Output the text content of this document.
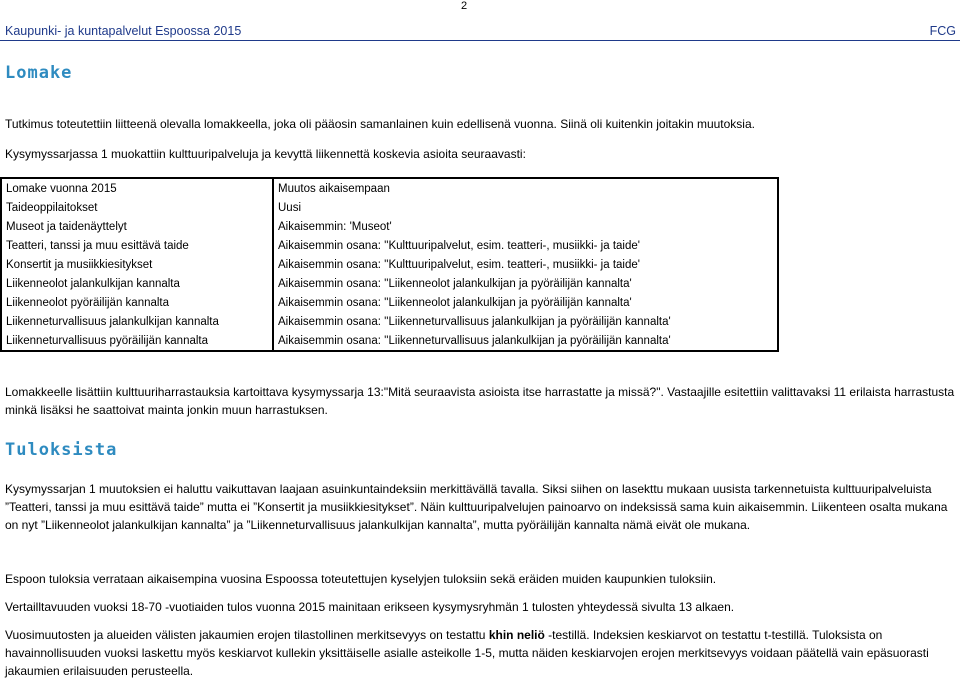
2
Kaupunki- ja kuntapalvelut Espoossa 2015	FCG
Lomake
Tutkimus toteutettiin liitteenä olevalla lomakkeella, joka oli pääosin samanlainen kuin edellisenä vuonna. Siinä oli kuitenkin joitakin muutoksia.
Kysymyssarjassa 1 muokattiin kulttuuripalveluja ja kevyttä liikennettä koskevia asioita seuraavasti:
Lomake vuonna 2015	Muutos aikaisempaan
Taideoppilaitokset	Uusi
Museot ja taidenäyttelyt	Aikaisemmin: 'Museot'
Teatteri, tanssi ja muu esittävä taide	Aikaisemmin osana: ''Kulttuuripalvelut, esim. teatteri-, musiikki- ja taide'
Konsertit ja musiikkiesitykset	Aikaisemmin osana: ''Kulttuuripalvelut, esim. teatteri-, musiikki- ja taide'
Liikenneolot jalankulkijan kannalta	Aikaisemmin osana: ''Liikenneolot jalankulkijan ja pyöräilijän kannalta'
Liikenneolot pyöräilijän kannalta	Aikaisemmin osana: ''Liikenneolot jalankulkijan ja pyöräilijän kannalta'
Liikenneturvallisuus jalankulkijan kannalta	Aikaisemmin osana: ''Liikenneturvallisuus jalankulkijan ja pyöräilijän kannalta'
Liikenneturvallisuus pyöräilijän kannalta	Aikaisemmin osana: ''Liikenneturvallisuus jalankulkijan ja pyöräilijän kannalta'
Lomakkeelle lisättiin kulttuuriharrastauksia kartoittava kysymyssarja 13:"Mitä seuraavista asioista itse harrastatte ja missä?". Vastaajille esitettiin valittavaksi 11 erilaista harrastusta minkä lisäksi he saattoivat mainta jonkin muun harrastuksen.
Tuloksista
Kysymyssarjan 1 muutoksien ei haluttu vaikuttavan laajaan asuinkuntaindeksiin merkittävällä tavalla. Siksi siihen on lasekttu mukaan uusista tarkennetuista kulttuuripalveluista ”Teatteri, tanssi ja muu esittävä taide” mutta ei ”Konsertit ja musiikkiesitykset”. Näin kulttuuripalvelujen painoarvo on indeksissä sama kuin aikaisemmin. Liikenteen osalta mukana on nyt ”Liikenneolot jalankulkijan kannalta” ja ”Liikenneturvallisuus jalankulkijan kannalta”, mutta pyöräilijän kannalta nämä eivät ole mukana.
Espoon tuloksia verrataan aikaisempina vuosina Espoossa toteutettujen kyselyjen tuloksiin sekä eräiden muiden kaupunkien tuloksiin.
Vertailltavuuden vuoksi 18-70 -vuotiaiden tulos vuonna 2015 mainitaan erikseen kysymysryhmän 1 tulosten yhteydessä sivulta 13 alkaen.
Vuosimuutosten ja alueiden välisten jakaumien erojen tilastollinen merkitsevyys on testattu khin neliö -testillä. Indeksien keskiarvot on testattu t-testillä. Tuloksista on havainnollisuuden vuoksi laskettu myös keskiarvot kullekin yksittäiselle asialle asteikolle 1-5, mutta näiden keskiarvojen erojen merkitsevyys voidaan päätellä vain epäsuorasti jakaumien erilaisuuden perusteella.
